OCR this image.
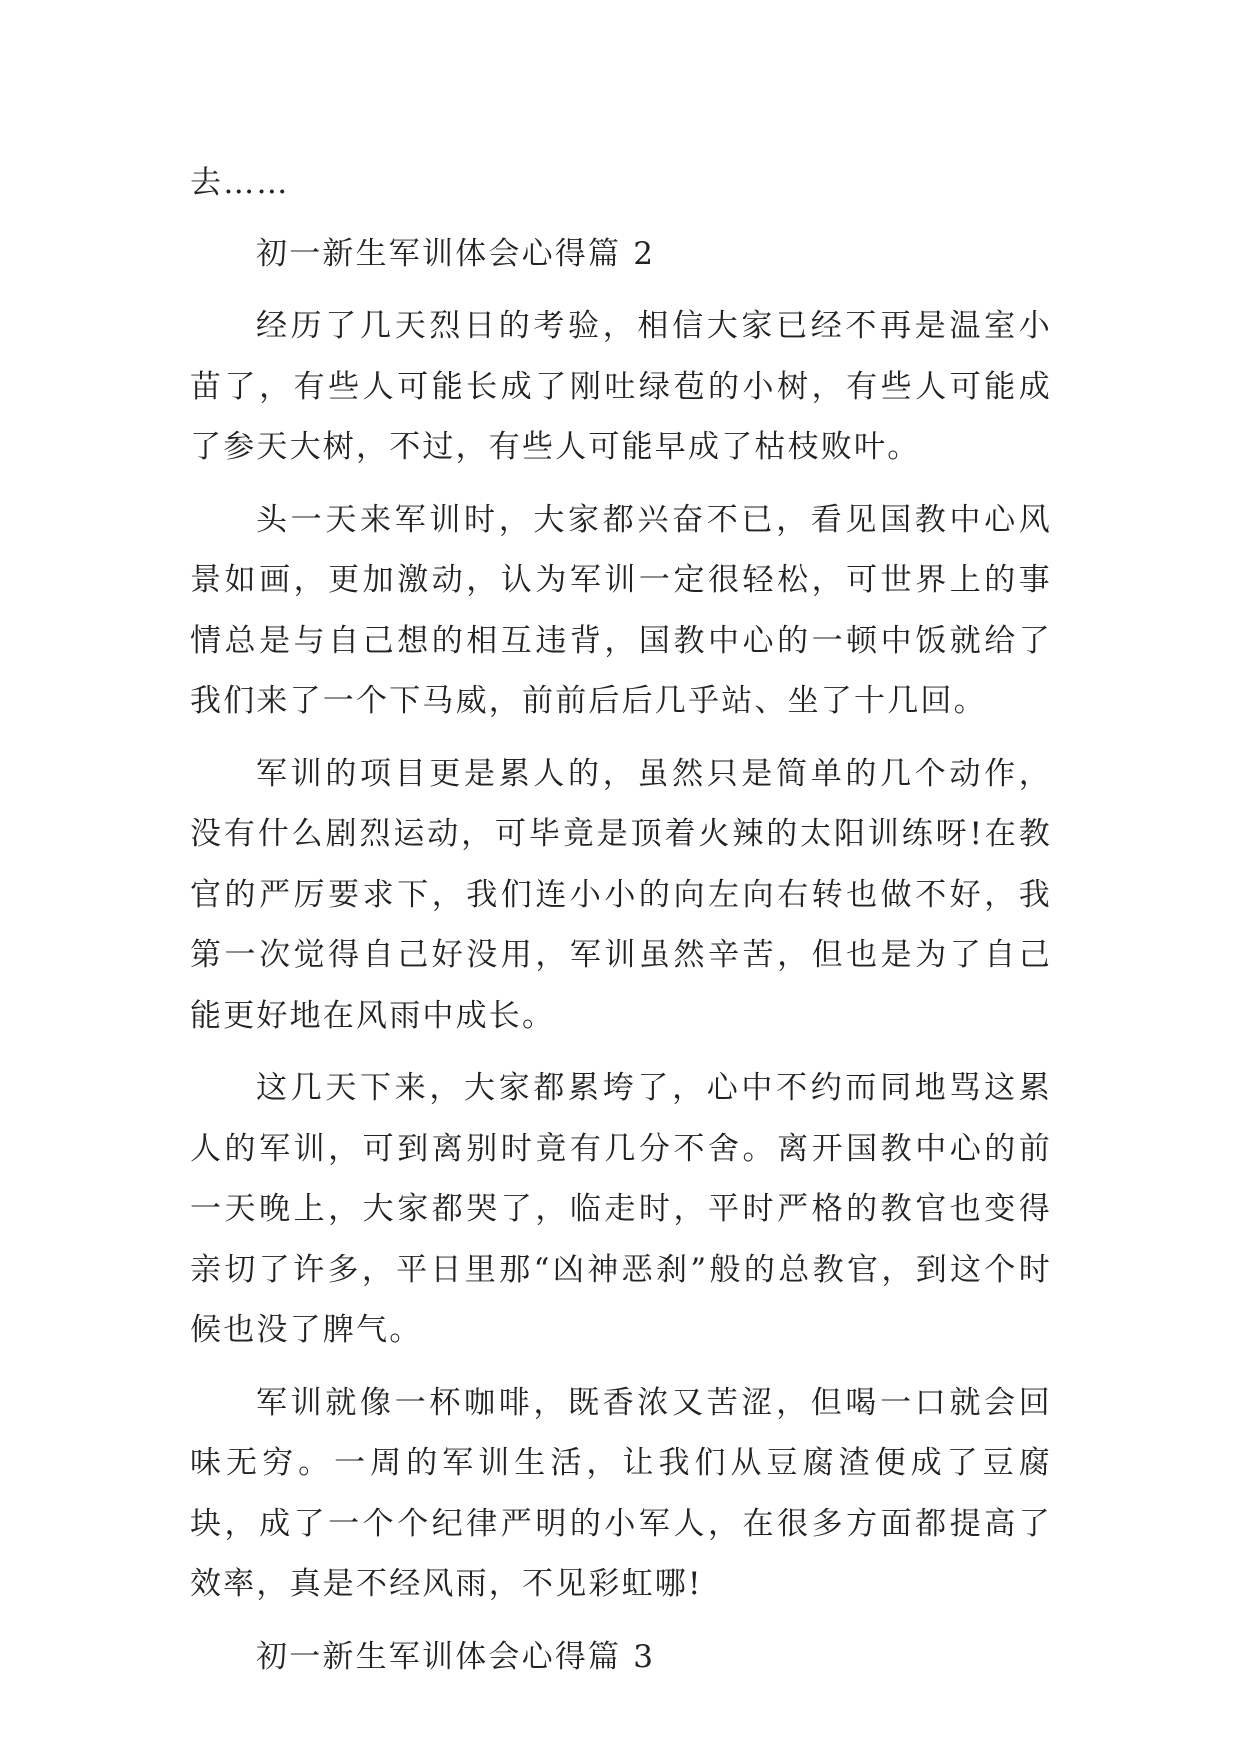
去……

初一新生军训体会心得篇 2

经历了几天烈日的考验，相信大家已经不再是温室小苗了，有些人可能长成了刚吐绿苞的小树，有些人可能成了参天大树，不过，有些人可能早成了枯枝败叶。

头一天来军训时，大家都兴奋不已，看见国教中心风景如画，更加激动，认为军训一定很轻松，可世界上的事情总是与自己想的相互违背，国教中心的一顿中饭就给了我们来了一个下马威，前前后后几乎站、坐了十几回。

军训的项目更是累人的，虽然只是简单的几个动作，没有什么剧烈运动，可毕竟是顶着火辣的太阳训练呀!在教官的严厉要求下，我们连小小的向左向右转也做不好，我第一次觉得自己好没用，军训虽然辛苦，但也是为了自己能更好地在风雨中成长。

这几天下来，大家都累垮了，心中不约而同地骂这累人的军训，可到离别时竟有几分不舍。离开国教中心的前一天晚上，大家都哭了，临走时，平时严格的教官也变得亲切了许多，平日里那“凶神恶刹”般的总教官，到这个时候也没了脾气。

军训就像一杯咖啡，既香浓又苦涩，但喝一口就会回味无穷。一周的军训生活，让我们从豆腐渣便成了豆腐块，成了一个个纪律严明的小军人，在很多方面都提高了效率，真是不经风雨，不见彩虹哪!

初一新生军训体会心得篇 3
